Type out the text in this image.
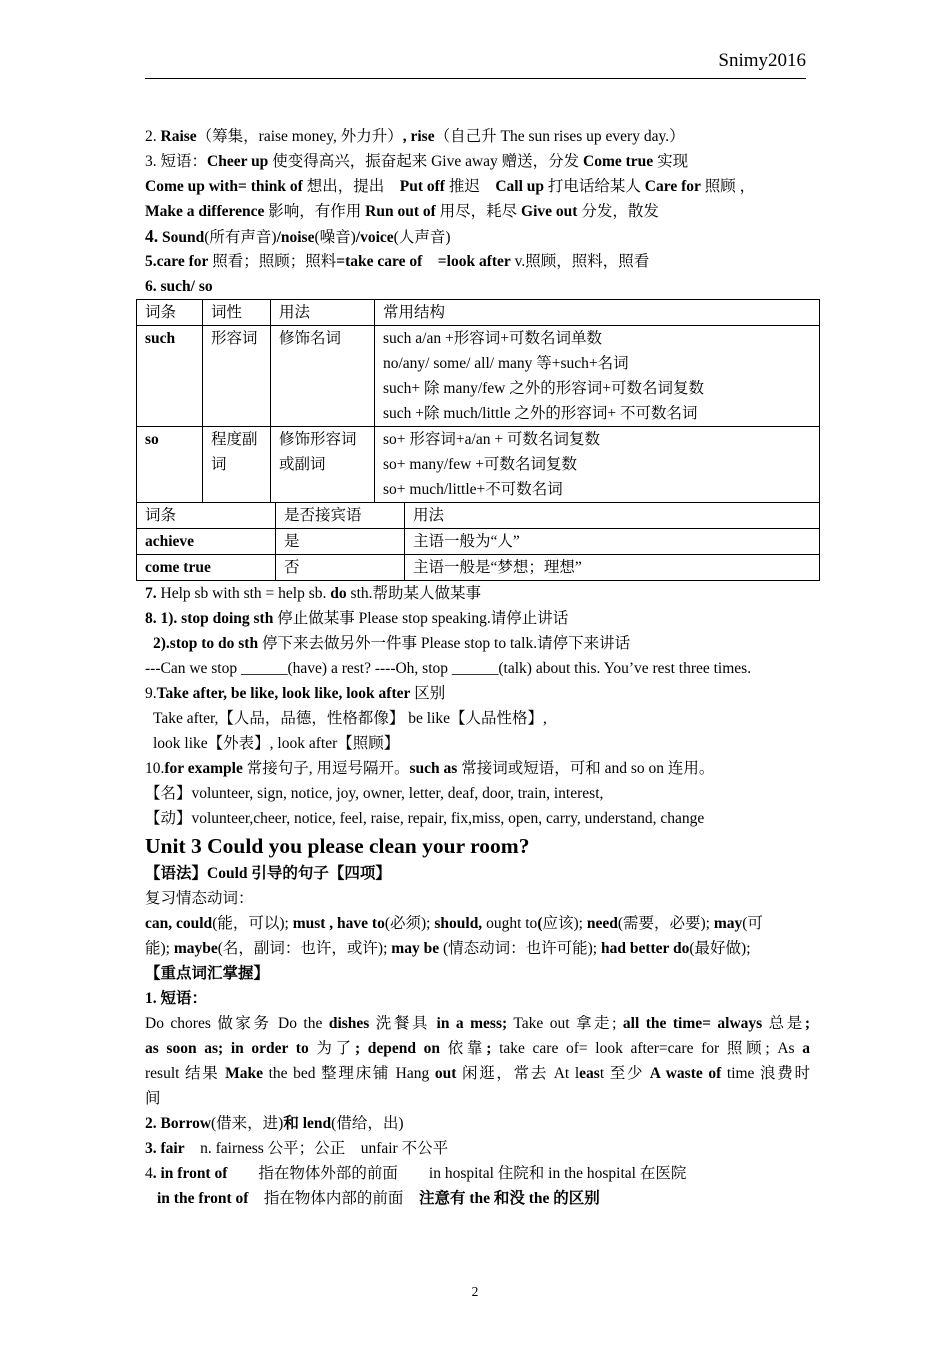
Snimy2016
2. Raise（筹集，raise money, 外力升）, rise（自己升 The sun rises up every day.）
3. 短语：Cheer up 使变得高兴，振奋起来 Give away 赠送，分发 Come true 实现
Come up with= think of 想出，提出　Put off 推迟　Call up 打电话给某人 Care for 照顾 ，
Make a difference 影响，有作用 Run out of 用尽，耗尽 Give out 分发，散发
4. Sound(所有声音)/noise(噪音)/voice(人声音)
5.care for 照看；照顾；照料=take care of　=look after v.照顾，照料，照看
6. such/ so
词条	词性	用法	常用结构
such	形容词	修饰名词	such a/an +形容词+可数名词单数
no/any/ some/ all/ many 等+such+名词
such+ 除 many/few 之外的形容词+可数名词复数
such +除 much/little 之外的形容词+ 不可数名词

so	程度副词	修饰形容词或副词	so+ 形容词+a/an + 可数名词复数
so+ many/few +可数名词复数
so+ much/little+不可数名词
词条	是否接宾语	用法
achieve	是	主语一般为“人”
come true	否	主语一般是“梦想；理想”
7. Help sb with sth = help sb. do sth.帮助某人做某事
8. 1). stop doing sth 停止做某事 Please stop speaking.请停止讲话
2).stop to do sth 停下来去做另外一件事 Please stop to talk.请停下来讲话
---Can we stop ______(have) a rest? ----Oh, stop ______(talk) about this. You’ve rest three times.
9.Take after, be like, look like, look after 区别
Take after,【人品，品德，性格都像】 be like【人品性格】,
look like【外表】, look after【照顾】
10.for example 常接句子, 用逗号隔开。such as 常接词或短语，可和 and so on 连用。
【名】volunteer, sign, notice, joy, owner, letter, deaf, door, train, interest,
【动】volunteer,cheer, notice, feel, raise, repair, fix,miss, open, carry, understand, change
Unit 3 Could you please clean your room?
【语法】Could 引导的句子【四项】
复习情态动词：
can, could(能，可以); must , have to(必须); should, ought to(应该); need(需要，必要); may(可
能); maybe(名，副词：也许，或许); may be (情态动词：也许可能); had better do(最好做);
【重点词汇掌握】
1. 短语：
Do chores 做家务 Do the dishes 洗餐具 in a mess; Take out 拿走; all the time= always 总是;
as soon as; in order to 为了; depend on 依靠; take care of= look after=care for 照顾; As a
result 结果 Make the bed 整理床铺 Hang out 闲逛，常去 At least 至少 A waste of time 浪费时
间
2. Borrow(借来，进)和 lend(借给，出)
3. fair　n. fairness 公平；公正　unfair 不公平
4. in front of　　指在物体外部的前面　　in hospital 住院和 in the hospital 在医院
in the front of　指在物体内部的前面　注意有 the 和没 the 的区别
2
